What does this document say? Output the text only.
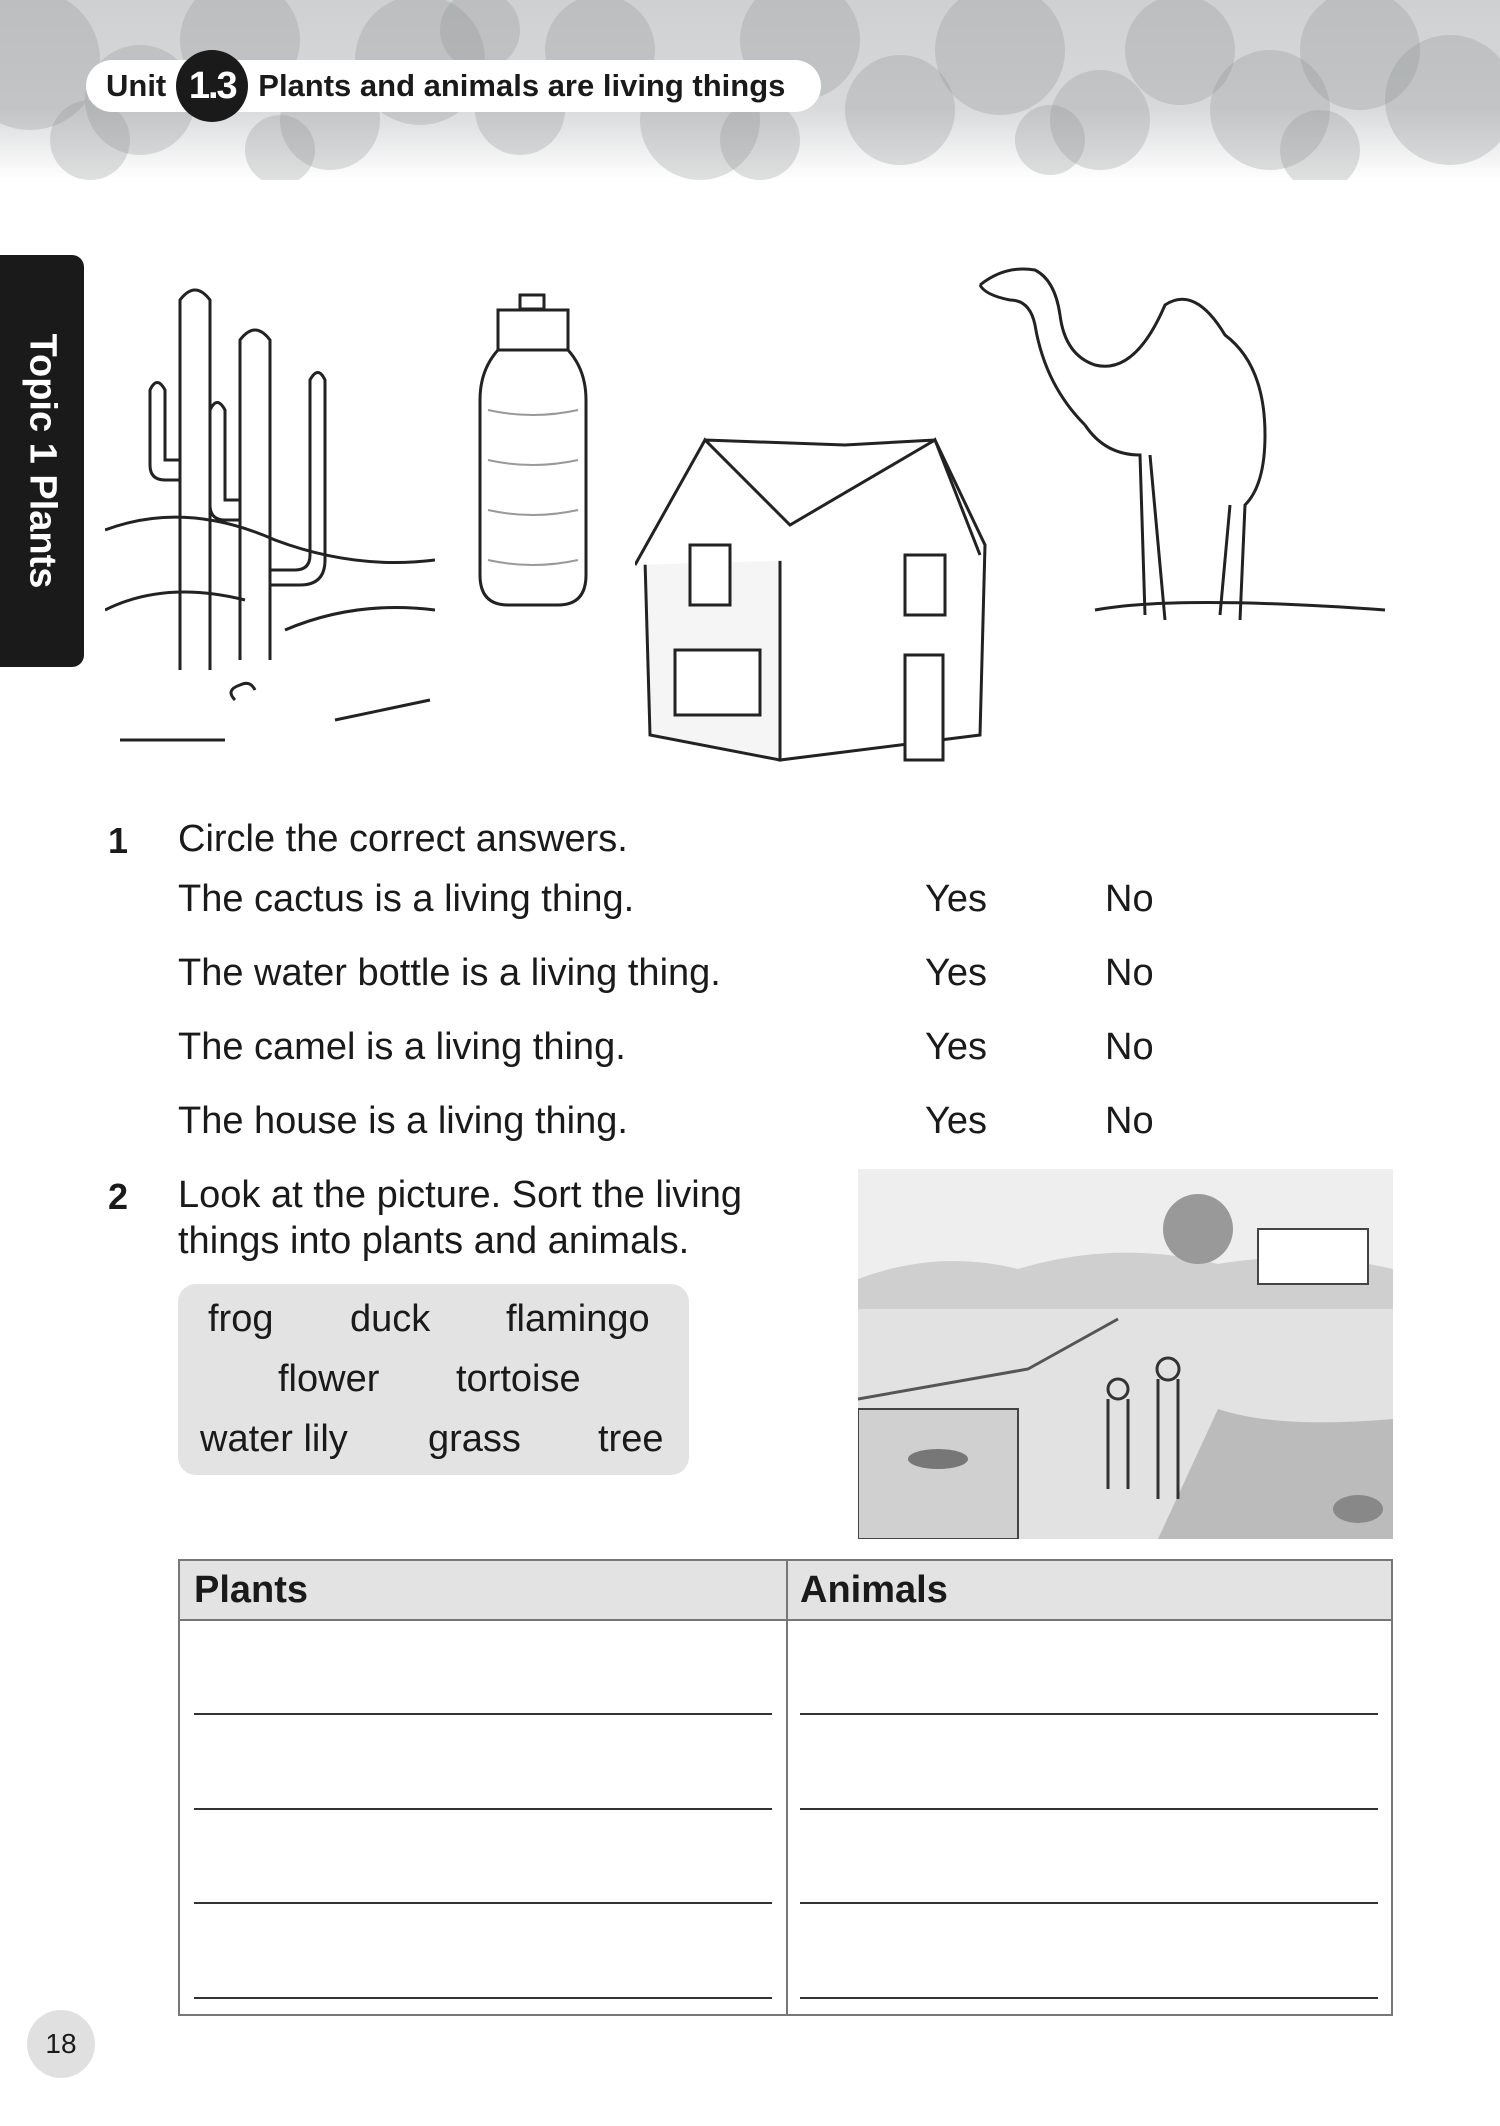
Unit 1.3 Plants and animals are living things
Topic 1 Plants
1 Circle the correct answers.
The cactus is a living thing.	Yes	No
The water bottle is a living thing.	Yes	No
The camel is a living thing.	Yes	No
The house is a living thing.	Yes	No
2 Look at the picture. Sort the living
things into plants and animals.
frog duck flamingo
flower tortoise
water lily grass tree
Plants	Animals
18
